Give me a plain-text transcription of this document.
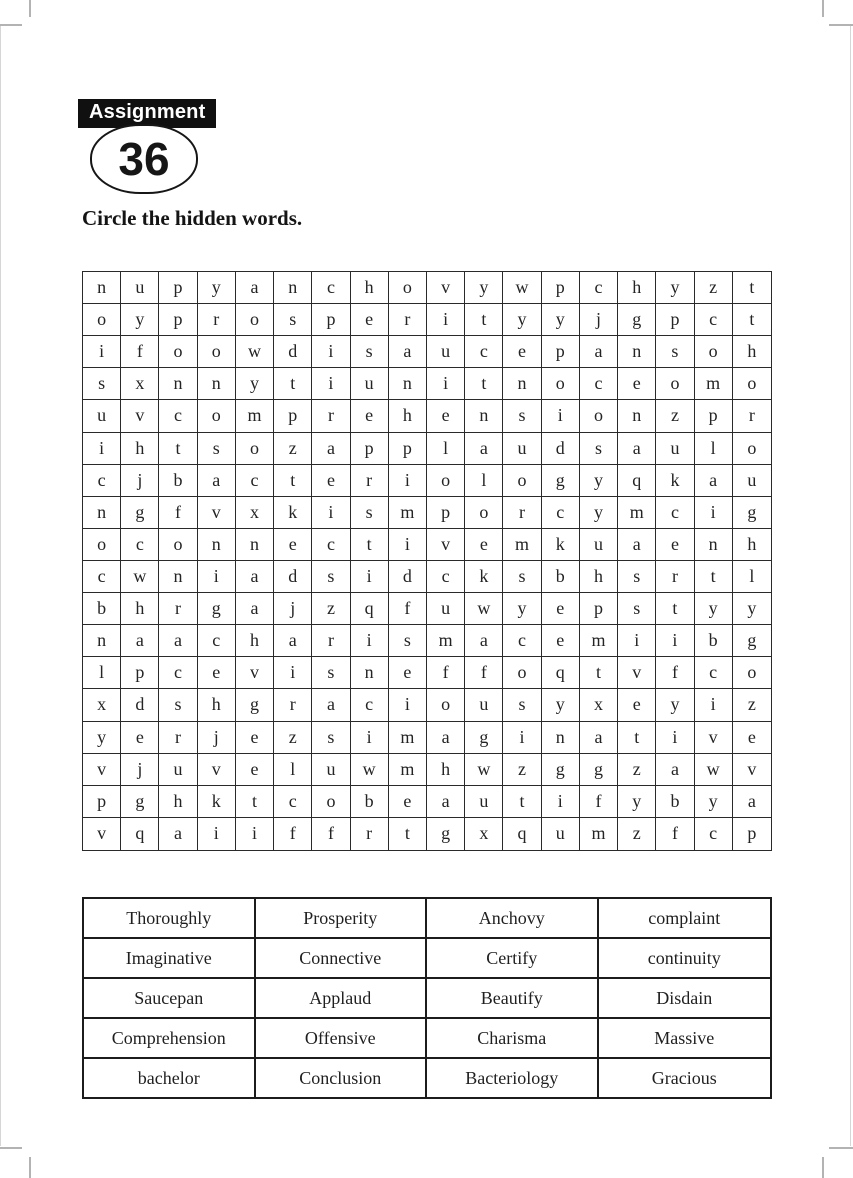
Assignment
36
Circle the hidden words.
n	u	p	y	a	n	c	h	o	v	y	w	p	c	h	y	z	t
o	y	p	r	o	s	p	e	r	i	t	y	y	j	g	p	c	t
i	f	o	o	w	d	i	s	a	u	c	e	p	a	n	s	o	h
s	x	n	n	y	t	i	u	n	i	t	n	o	c	e	o	m	o
u	v	c	o	m	p	r	e	h	e	n	s	i	o	n	z	p	r
i	h	t	s	o	z	a	p	p	l	a	u	d	s	a	u	l	o
c	j	b	a	c	t	e	r	i	o	l	o	g	y	q	k	a	u
n	g	f	v	x	k	i	s	m	p	o	r	c	y	m	c	i	g
o	c	o	n	n	e	c	t	i	v	e	m	k	u	a	e	n	h
c	w	n	i	a	d	s	i	d	c	k	s	b	h	s	r	t	l
b	h	r	g	a	j	z	q	f	u	w	y	e	p	s	t	y	y
n	a	a	c	h	a	r	i	s	m	a	c	e	m	i	i	b	g
l	p	c	e	v	i	s	n	e	f	f	o	q	t	v	f	c	o
x	d	s	h	g	r	a	c	i	o	u	s	y	x	e	y	i	z
y	e	r	j	e	z	s	i	m	a	g	i	n	a	t	i	v	e
v	j	u	v	e	l	u	w	m	h	w	z	g	g	z	a	w	v
p	g	h	k	t	c	o	b	e	a	u	t	i	f	y	b	y	a
v	q	a	i	i	f	f	r	t	g	x	q	u	m	z	f	c	p
Thoroughly	Prosperity	Anchovy	complaint
Imaginative	Connective	Certify	continuity
Saucepan	Applaud	Beautify	Disdain
Comprehension	Offensive	Charisma	Massive
bachelor	Conclusion	Bacteriology	Gracious
